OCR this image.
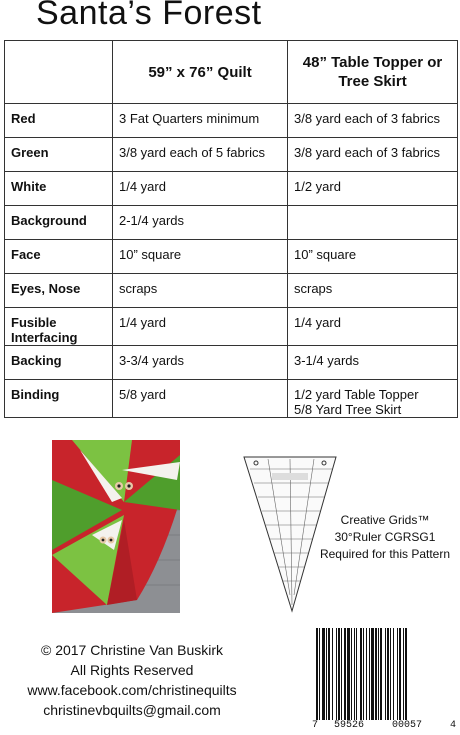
Santa’s Forest
	59” x 76” Quilt	48” Table Topper or Tree Skirt
Red	3 Fat Quarters minimum	3/8 yard each of 3 fabrics
Green	3/8 yard each of 5 fabrics	3/8 yard each of 3 fabrics
White	1/4 yard	1/2 yard
Background	2-1/4 yards	
Face	10” square	10” square
Eyes, Nose	scraps	scraps
Fusible Interfacing	1/4 yard	1/4 yard
Backing	3-3/4 yards	3-1/4 yards
Binding	5/8 yard	1/2 yard Table Topper
5/8 Yard Tree Skirt
Creative Grids™
30°Ruler CGRSG1
Required for this Pattern
© 2017 Christine Van Buskirk
All Rights Reserved
www.facebook.com/christinequilts
christinevbquilts@gmail.com
7 59526	00057	4
